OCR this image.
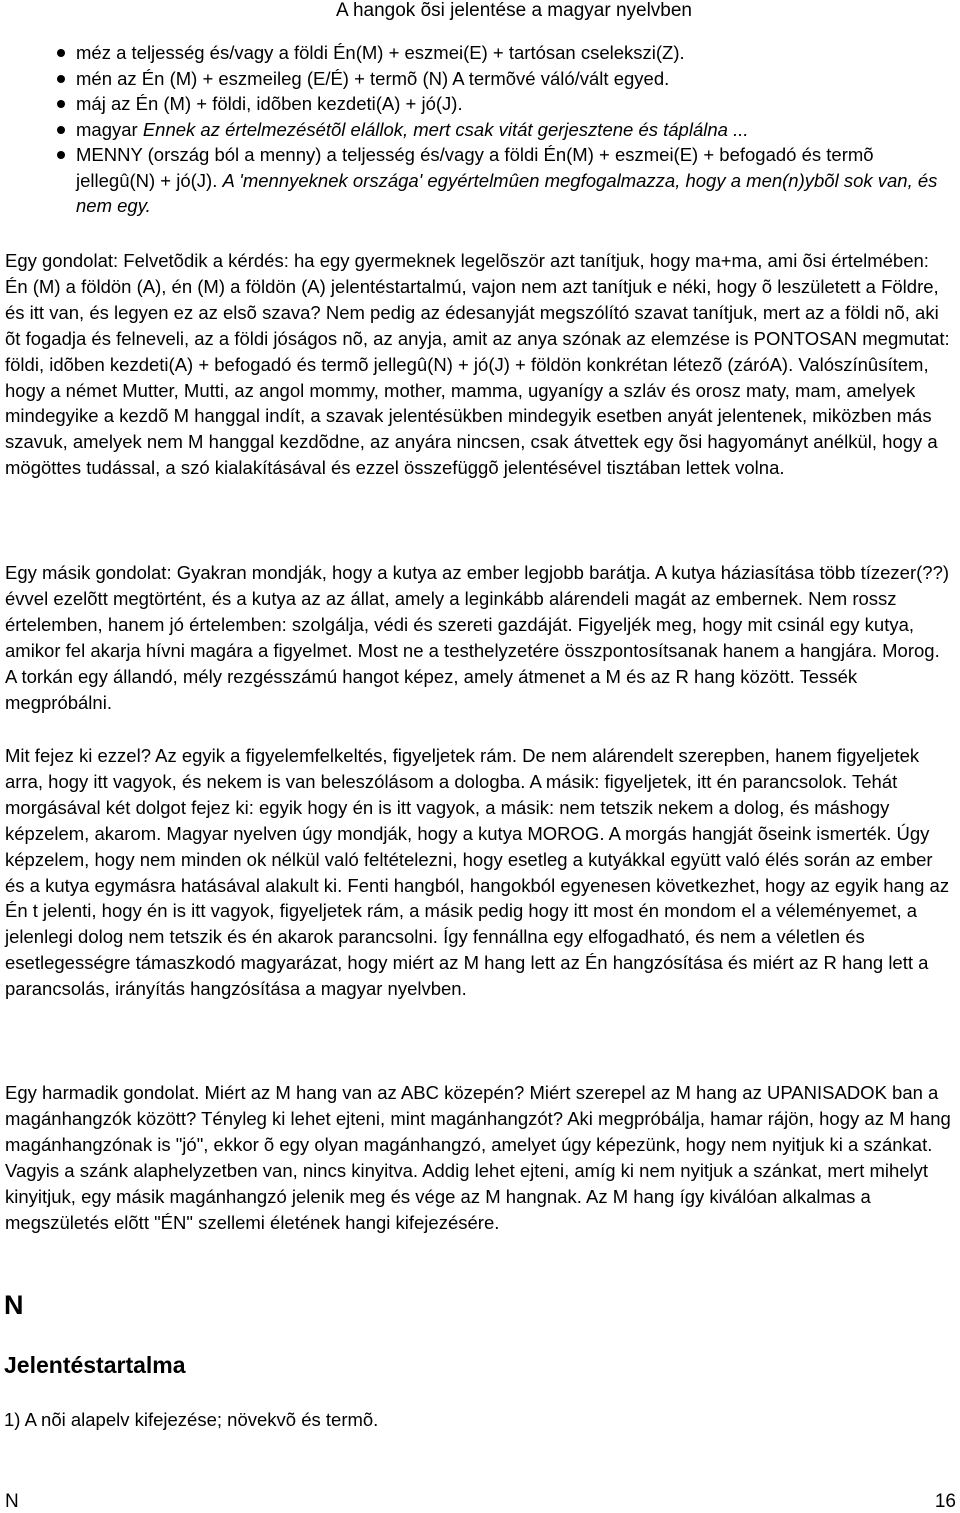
A hangok õsi jelentése a magyar nyelvben
méz a teljesség és/vagy a földi Én(M) + eszmei(E) + tartósan cselekszi(Z).
mén az Én (M) + eszmeileg (E/É) + termõ (N) A termõvé váló/vált egyed.
máj az Én (M) + földi, idõben kezdeti(A) + jó(J).
magyar Ennek az értelmezésétõl elállok, mert csak vitát gerjesztene és táplálna ...
MENNY (ország ból a menny) a teljesség és/vagy a földi Én(M) + eszmei(E) + befogadó és termõ jellegû(N) + jó(J). A 'mennyeknek országa' egyértelmûen megfogalmazza, hogy a men(n)ybõl sok van, és nem egy.

Egy gondolat: Felvetõdik a kérdés: ha egy gyermeknek legelõször azt tanítjuk, hogy ma+ma, ami õsi értelmében: Én (M) a földön (A), én (M) a földön (A) jelentéstartalmú, vajon nem azt tanítjuk e néki, hogy õ leszületett a Földre, és itt van, és legyen ez az elsõ szava? Nem pedig az édesanyját megszólító szavat tanítjuk, mert az a földi nõ, aki õt fogadja és felneveli, az a földi jóságos nõ, az anyja, amit az anya szónak az elemzése is PONTOSAN megmutat: földi, idõben kezdeti(A) + befogadó és termõ jellegû(N) + jó(J) + földön konkrétan létezõ (záróA). Valószínûsítem, hogy a német Mutter, Mutti, az angol mommy, mother, mamma, ugyanígy a szláv és orosz maty, mam, amelyek mindegyike a kezdõ M hanggal indít, a szavak jelentésükben mindegyik esetben anyát jelentenek, miközben más szavuk, amelyek nem M hanggal kezdõdne, az anyára nincsen, csak átvettek egy õsi hagyományt anélkül, hogy a mögöttes tudással, a szó kialakításával és ezzel összefüggõ jelentésével tisztában lettek volna.

Egy másik gondolat: Gyakran mondják, hogy a kutya az ember legjobb barátja. A kutya háziasítása több tízezer(??) évvel ezelõtt megtörtént, és a kutya az az állat, amely a leginkább alárendeli magát az embernek. Nem rossz értelemben, hanem jó értelemben: szolgálja, védi és szereti gazdáját. Figyeljék meg, hogy mit csinál egy kutya, amikor fel akarja hívni magára a figyelmet. Most ne a testhelyzetére összpontosítsanak hanem a hangjára. Morog. A torkán egy állandó, mély rezgésszámú hangot képez, amely átmenet a M és az R hang között. Tessék megpróbálni.

Mit fejez ki ezzel? Az egyik a figyelemfelkeltés, figyeljetek rám. De nem alárendelt szerepben, hanem figyeljetek arra, hogy itt vagyok, és nekem is van beleszólásom a dologba. A másik: figyeljetek, itt én parancsolok. Tehát morgásával két dolgot fejez ki: egyik hogy én is itt vagyok, a másik: nem tetszik nekem a dolog, és máshogy képzelem, akarom. Magyar nyelven úgy mondják, hogy a kutya MOROG. A morgás hangját õseink ismerték. Úgy képzelem, hogy nem minden ok nélkül való feltételezni, hogy esetleg a kutyákkal együtt való élés során az ember és a kutya egymásra hatásával alakult ki. Fenti hangból, hangokból egyenesen következhet, hogy az egyik hang az Én t jelenti, hogy én is itt vagyok, figyeljetek rám, a másik pedig hogy itt most én mondom el a véleményemet, a jelenlegi dolog nem tetszik és én akarok parancsolni. Így fennállna egy elfogadható, és nem a véletlen és esetlegességre támaszkodó magyarázat, hogy miért az M hang lett az Én hangzósítása és miért az R hang lett a parancsolás, irányítás hangzósítása a magyar nyelvben.

Egy harmadik gondolat. Miért az M hang van az ABC közepén? Miért szerepel az M hang az UPANISADOK ban a magánhangzók között? Tényleg ki lehet ejteni, mint magánhangzót? Aki megpróbálja, hamar rájön, hogy az M hang magánhangzónak is "jó", ekkor õ egy olyan magánhangzó, amelyet úgy képezünk, hogy nem nyitjuk ki a szánkat. Vagyis a szánk alaphelyzetben van, nincs kinyitva. Addig lehet ejteni, amíg ki nem nyitjuk a szánkat, mert mihelyt kinyitjuk, egy másik magánhangzó jelenik meg és vége az M hangnak. Az M hang így kiválóan alkalmas a megszületés elõtt "ÉN" szellemi életének hangi kifejezésére.

N
Jelentéstartalma
1) A nõi alapelv kifejezése; növekvõ és termõ.
N	16
